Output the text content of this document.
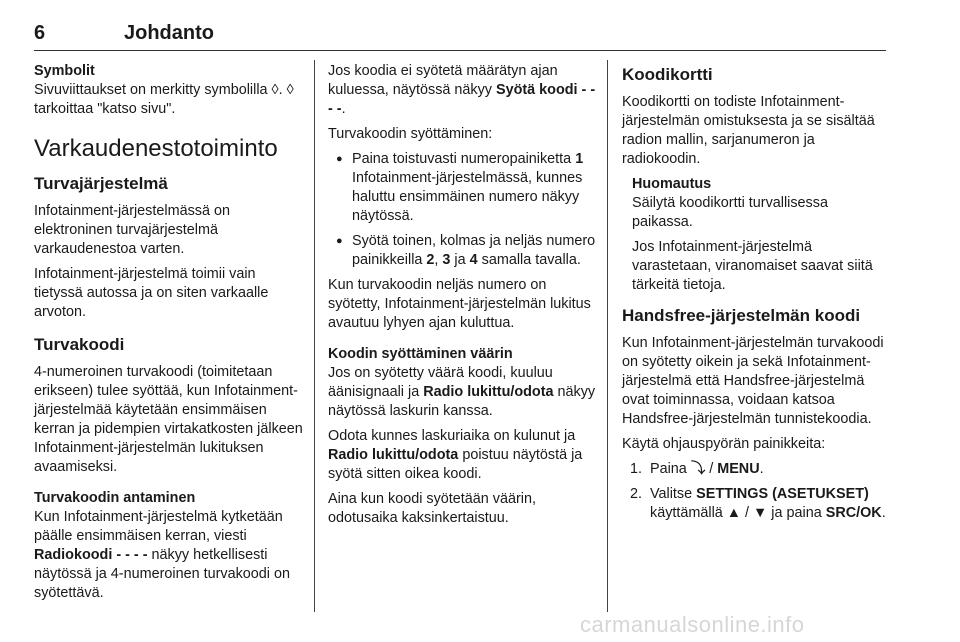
6	Johdanto

Symbolit

Sivuviittaukset on merkitty symbolilla ◊. ◊ tarkoittaa "katso sivu".

Varkaudenestotoiminto
Turvajärjestelmä

Infotainment-järjestelmässä on elektroninen turvajärjestelmä varkaudenestoa varten.

Infotainment-järjestelmä toimii vain tietyssä autossa ja on siten varkaalle arvoton.

Turvakoodi

4-numeroinen turvakoodi (toimitetaan erikseen) tulee syöttää, kun Infotainment-järjestelmää käytetään ensimmäisen kerran ja pidempien virtakatkosten jälkeen Infotainment-järjestelmän lukituksen avaamiseksi.

Turvakoodin antaminen

Kun Infotainment-järjestelmä kytketään päälle ensimmäisen kerran, viesti Radiokoodi - - - - näkyy hetkellisesti näytössä ja 4-numeroinen turvakoodi on syötettävä.

Jos koodia ei syötetä määrätyn ajan kuluessa, näytössä näkyy Syötä koodi - - - -.

Turvakoodin syöttäminen:

● Paina toistuvasti numeropainiketta 1 Infotainment-järjestelmässä, kunnes haluttu ensimmäinen numero näkyy näytössä.
● Syötä toinen, kolmas ja neljäs numero painikkeilla 2, 3 ja 4 samalla tavalla.

Kun turvakoodin neljäs numero on syötetty, Infotainment-järjestelmän lukitus avautuu lyhyen ajan kuluttua.

Koodin syöttäminen väärin

Jos on syötetty väärä koodi, kuuluu äänisignaali ja Radio lukittu/odota näkyy näytössä laskurin kanssa.

Odota kunnes laskuriaika on kulunut ja Radio lukittu/odota poistuu näytöstä ja syötä sitten oikea koodi.

Aina kun koodi syötetään väärin, odotusaika kaksinkertaistuu.

Koodikortti

Koodikortti on todiste Infotainment-järjestelmän omistuksesta ja se sisältää radion mallin, sarjanumeron ja radiokoodin.

Huomautus

Säilytä koodikortti turvallisessa paikassa.

Jos Infotainment-järjestelmä varastetaan, viranomaiset saavat siitä tärkeitä tietoja.

Handsfree-järjestelmän koodi

Kun Infotainment-järjestelmän turvakoodi on syötetty oikein ja sekä Infotainment-järjestelmä että Handsfree-järjestelmä ovat toiminnassa, voidaan katsoa Handsfree-järjestelmän tunnistekoodia.

Käytä ohjauspyörän painikkeita:

1. Paina ⤵ / MENU.
2. Valitse SETTINGS (ASETUKSET) käyttämällä ▲ / ▼ ja paina SRC/OK.
carmanualsonline.info
